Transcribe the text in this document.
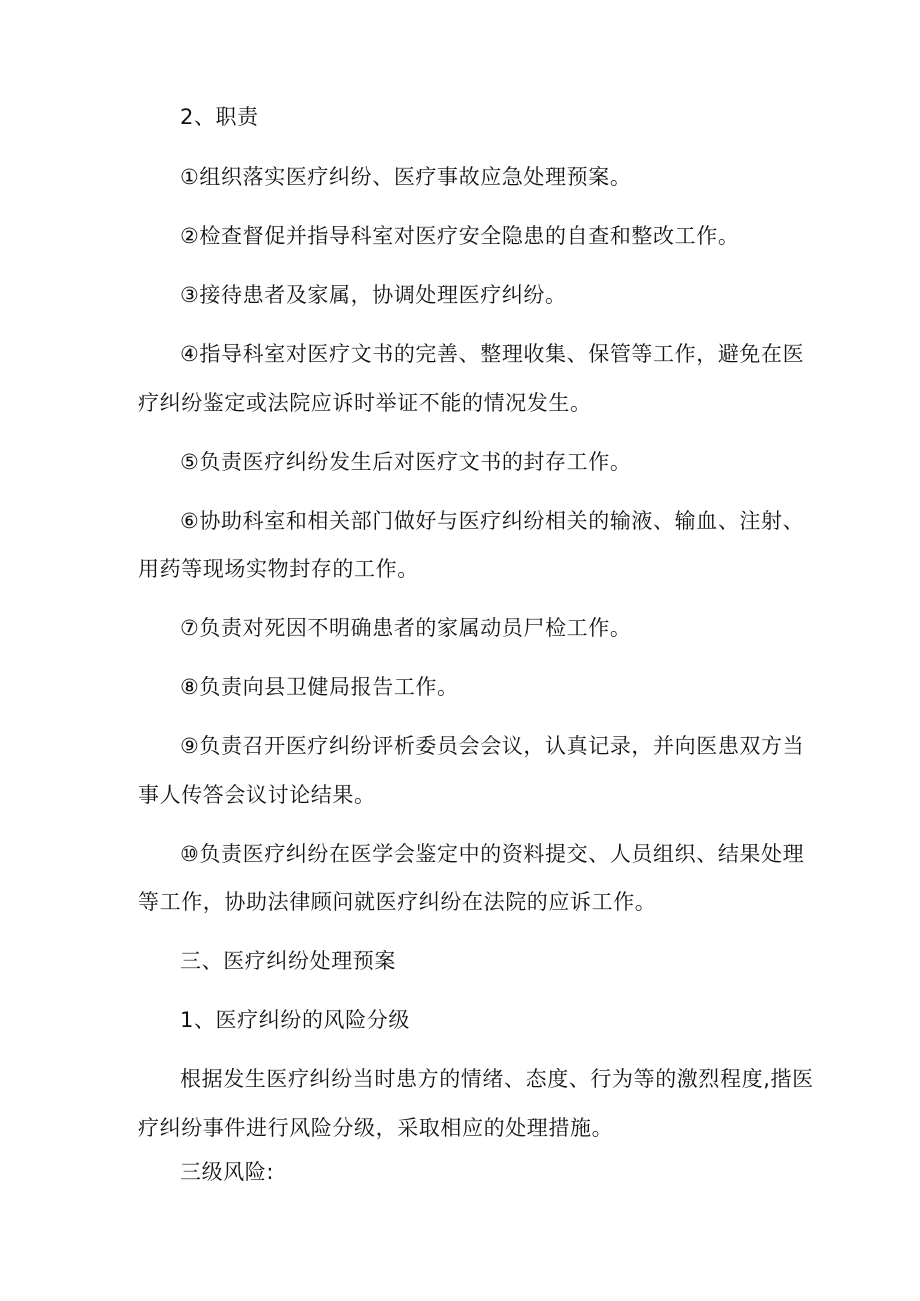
2、职责
①组织落实医疗纠纷、医疗事故应急处理预案。
②检查督促并指导科室对医疗安全隐患的自查和整改工作。
③接待患者及家属，协调处理医疗纠纷。
④指导科室对医疗文书的完善、整理收集、保管等工作，避免在医
疗纠纷鉴定或法院应诉时举证不能的情况发生。
⑤负责医疗纠纷发生后对医疗文书的封存工作。
⑥协助科室和相关部门做好与医疗纠纷相关的输液、输血、注射、
用药等现场实物封存的工作。
⑦负责对死因不明确患者的家属动员尸检工作。
⑧负责向县卫健局报告工作。
⑨负责召开医疗纠纷评析委员会会议，认真记录，并向医患双方当
事人传答会议讨论结果。
⑩负责医疗纠纷在医学会鉴定中的资料提交、人员组织、结果处理
等工作，协助法律顾问就医疗纠纷在法院的应诉工作。
三、医疗纠纷处理预案
1、医疗纠纷的风险分级
根据发生医疗纠纷当时患方的情绪、态度、行为等的激烈程度,揩医
疗纠纷事件进行风险分级，采取相应的处理措施。
三级风险:
